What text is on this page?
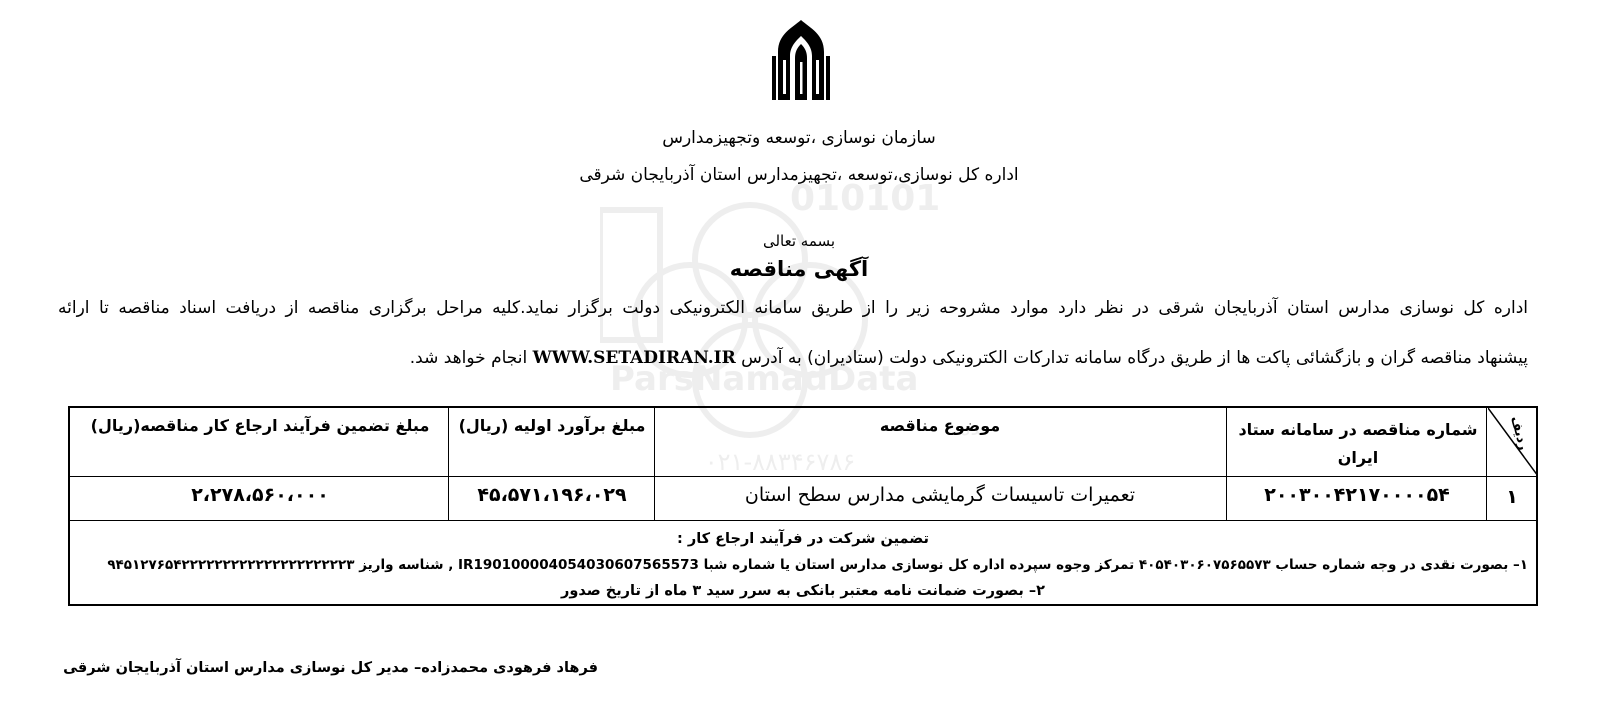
010101
ParsNamadData
ده
۰۲۱-۸۸۳۴۶۷۸۶
سازمان نوسازی ،توسعه وتجهیزمدارس
اداره کل نوسازی،توسعه ،تجهیزمدارس استان آذربایجان شرقی
بسمه تعالی
آگهی مناقصه
اداره کل نوسازی مدارس استان آذربایجان شرقی در نظر دارد موارد مشروحه زیر را از طریق سامانه الکترونیکی دولت برگزار نماید.کلیه مراحل برگزاری مناقصه از دریافت اسناد مناقصه تا ارائه
پیشنهاد مناقصه گران و بازگشائی پاکت ها از طریق درگاه سامانه تدارکات الکترونیکی دولت (ستادیران) به آدرس WWW.SETADIRAN.IR انجام خواهد شد.
ردیف
شماره مناقصه در سامانه ستاد ایران
موضوع مناقصه
مبلغ برآورد اولیه (ریال)
مبلغ تضمین فرآیند ارجاع کار مناقصه(ریال)
۱
۲۰۰۳۰۰۴۲۱۷۰۰۰۰۵۴
تعمیرات تاسیسات گرمایشی مدارس سطح استان
۴۵،۵۷۱،۱۹۶،۰۲۹
۲،۲۷۸،۵۶۰،۰۰۰
تضمین شرکت در فرآیند ارجاع کار :
۱– بصورت نقدی در وجه شماره حساب ۴۰۵۴۰۳۰۶۰۷۵۶۵۵۷۳ تمرکز وجوه سپرده اداره کل نوسازی مدارس استان یا شماره شبا IR190100004054030607565573 , شناسه واریز ۹۴۵۱۲۷۶۵۴۲۲۲۲۲۲۲۲۲۲۲۲۲۲۲۲۲۲۲۲۳
۲– بصورت ضمانت نامه معتبر بانکی به سرر سید ۳ ماه از تاریخ صدور
فرهاد فرهودی محمدزاده– مدیر کل نوسازی مدارس استان آذربایجان شرقی
